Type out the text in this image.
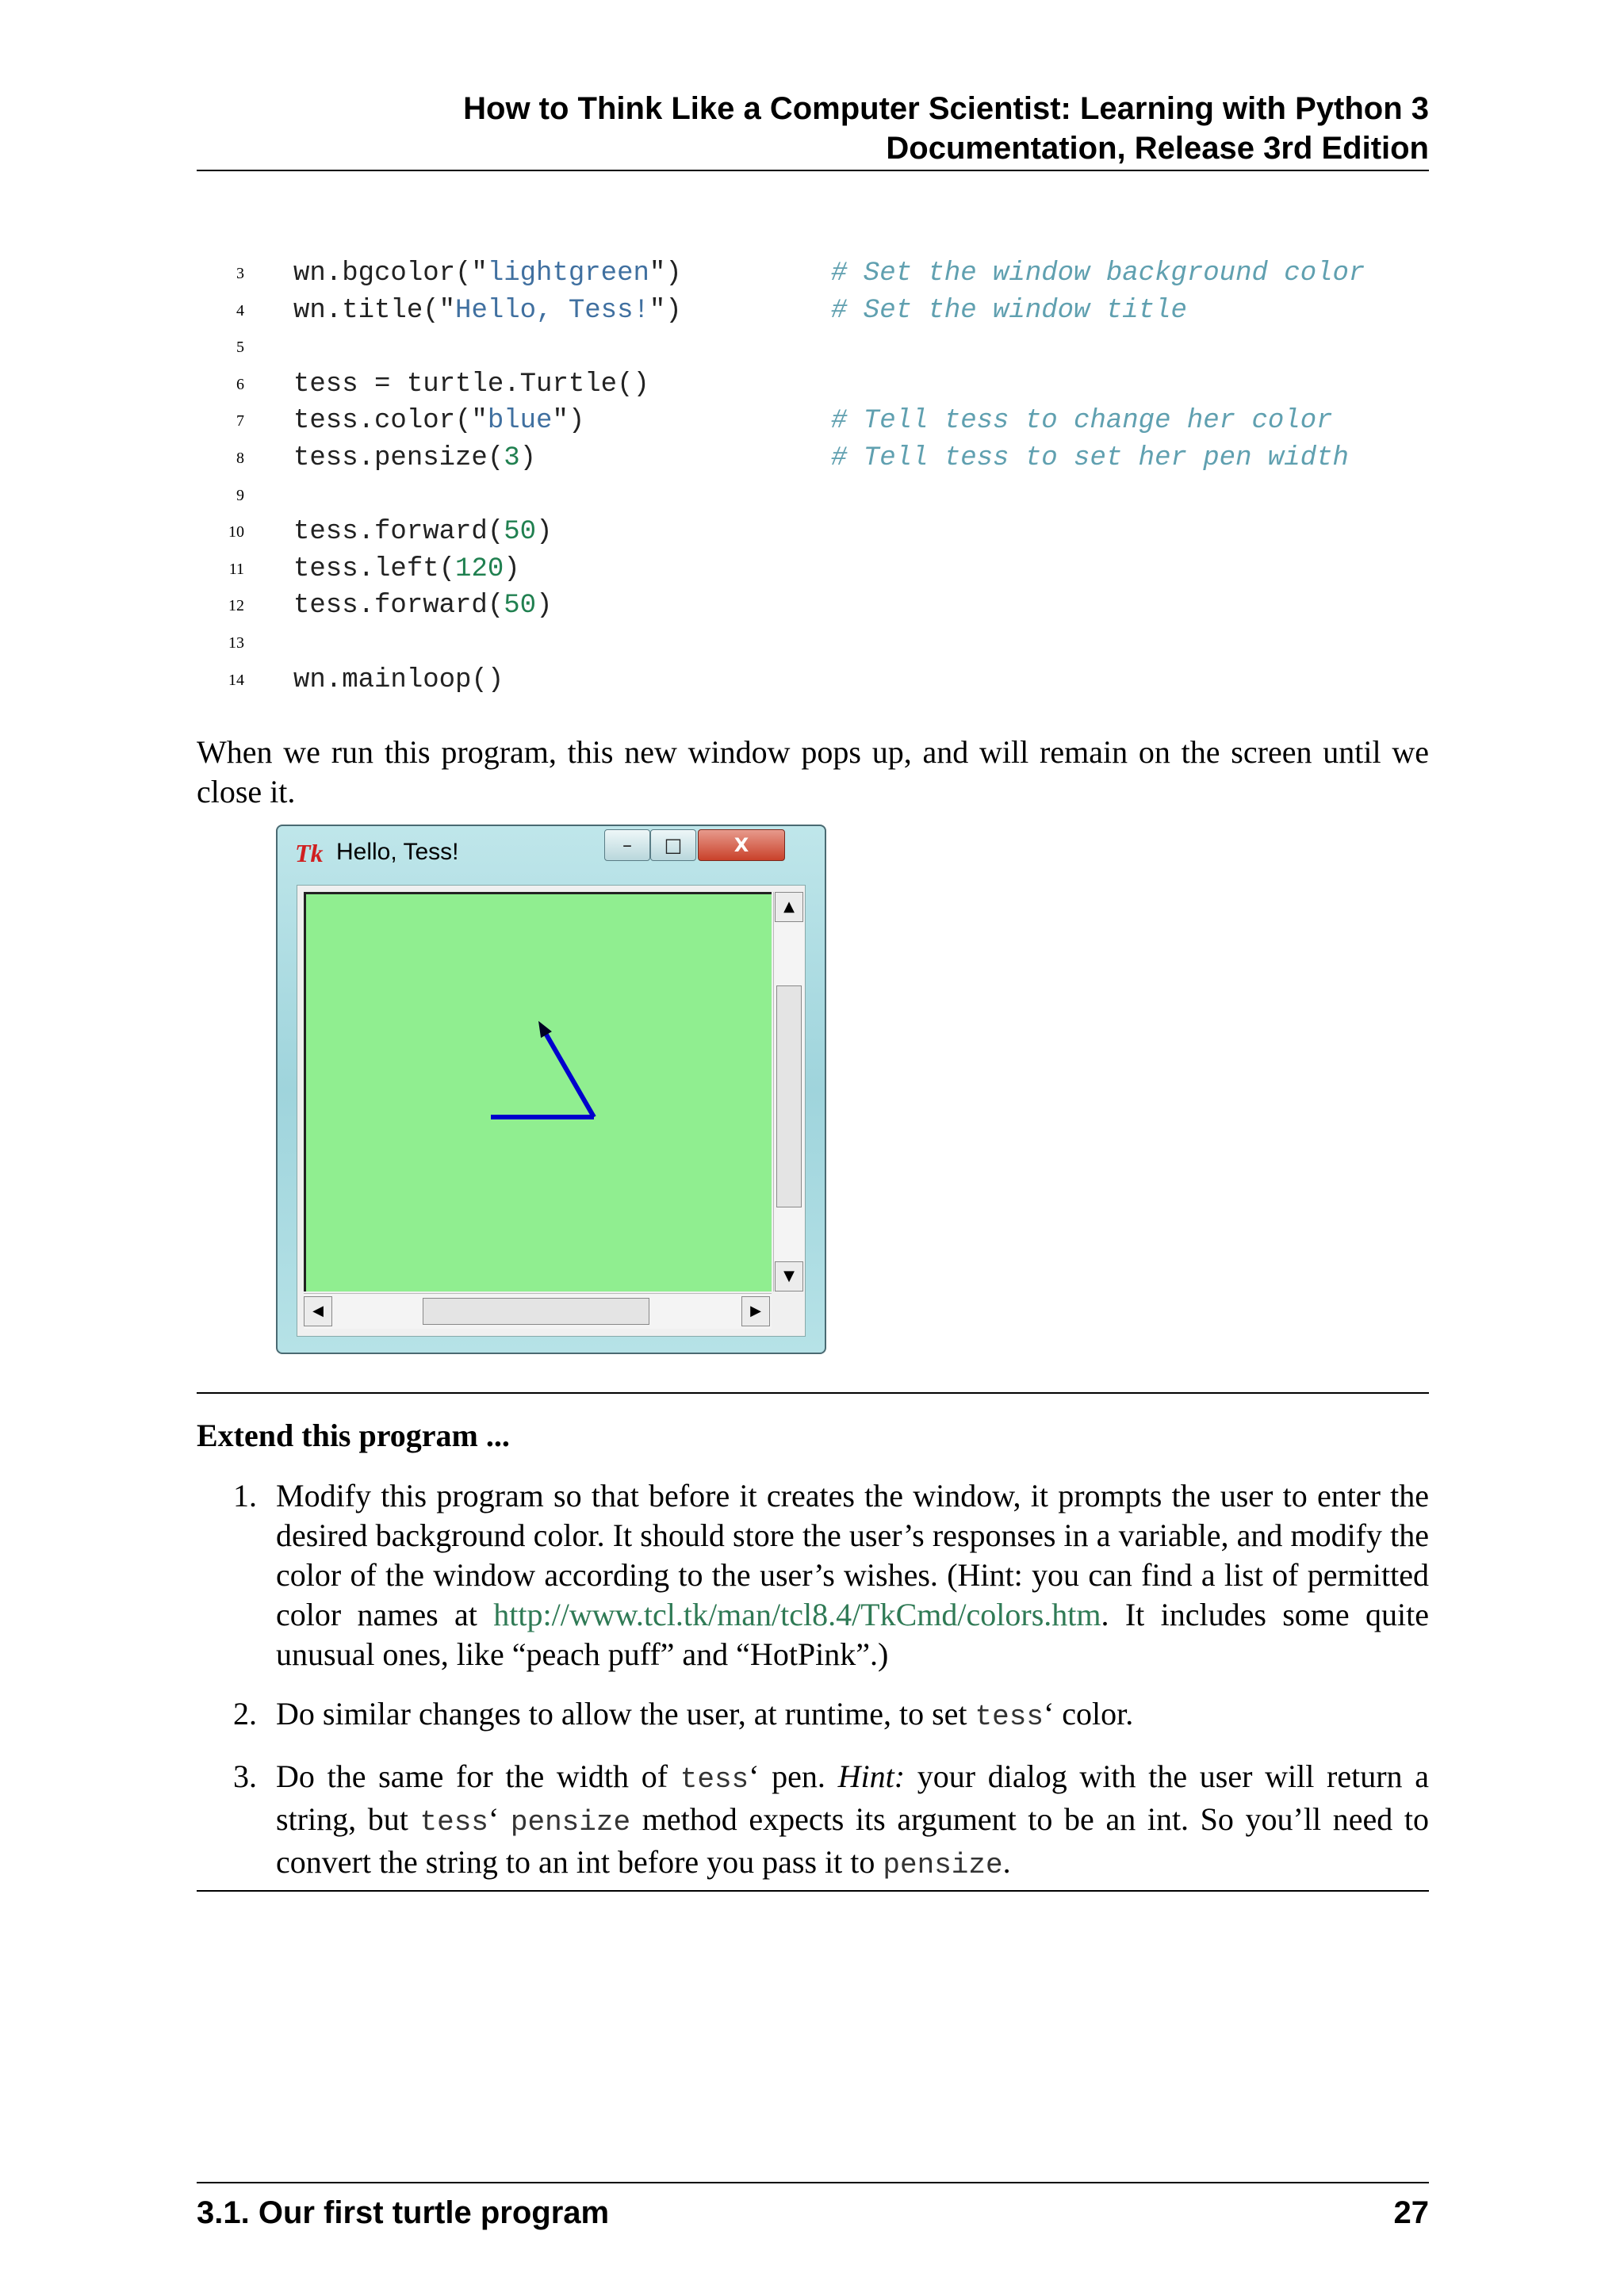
How to Think Like a Computer Scientist: Learning with Python 3
Documentation, Release 3rd Edition
3 wn.bgcolor("lightgreen")	# Set the window background color
4 wn.title("Hello, Tess!")	# Set the window title
5
6 tess = turtle.Turtle()
7 tess.color("blue")	# Tell tess to change her color
8 tess.pensize(3)	# Tell tess to set her pen width
9
10 tess.forward(50)
11 tess.left(120)
12 tess.forward(50)
13
14 wn.mainloop()
When we run this program, this new window pops up, and will remain on the screen until we close it.
Tk Hello, Tess!	–	□	X
▲
▼
◀	▶
Extend this program ...
1. Modify this program so that before it creates the window, it prompts the user to enter the desired background color. It should store the user’s responses in a variable, and modify the color of the window according to the user’s wishes. (Hint: you can find a list of permitted color names at http://www.tcl.tk/man/tcl8.4/TkCmd/colors.htm. It includes some quite unusual ones, like “peach puff” and “HotPink”.)
2. Do similar changes to allow the user, at runtime, to set tess‘ color.
3. Do the same for the width of tess‘ pen. Hint: your dialog with the user will return a string, but tess‘ pensize method expects its argument to be an int. So you’ll need to convert the string to an int before you pass it to pensize.
3.1. Our first turtle program	27
